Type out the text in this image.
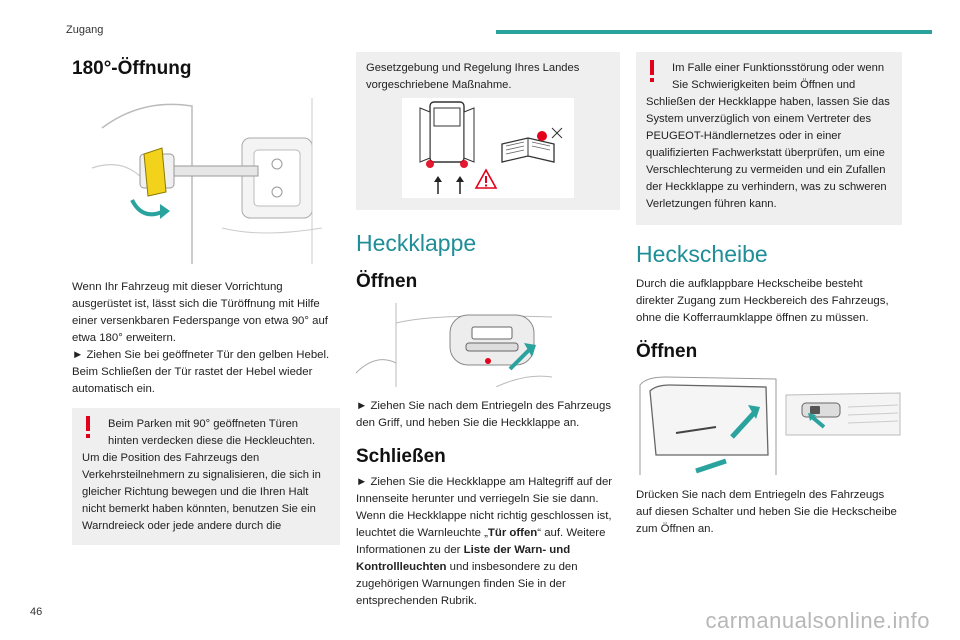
Zugang
180°-Öffnung

Wenn Ihr Fahrzeug mit dieser Vorrichtung ausgerüstet ist, lässt sich die Türöffnung mit Hilfe einer versenkbaren Federspange von etwa 90° auf etwa 180° erweitern.

► Ziehen Sie bei geöffneter Tür den gelben Hebel. Beim Schließen der Tür rastet der Hebel wieder automatisch ein.

Beim Parken mit 90° geöffneten Türen hinten verdecken diese die Heckleuchten.

Um die Position des Fahrzeugs den Verkehrsteilnehmern zu signalisieren, die sich in gleicher Richtung bewegen und die Ihren Halt nicht bemerkt haben könnten, benutzen Sie ein Warndreieck oder jede andere durch die

Gesetzgebung und Regelung Ihres Landes vorgeschriebene Maßnahme.

Heckklappe
Öffnen

► Ziehen Sie nach dem Entriegeln des Fahrzeugs den Griff, und heben Sie die Heckklappe an.

Schließen

► Ziehen Sie die Heckklappe am Haltegriff auf der Innenseite herunter und verriegeln Sie sie dann. Wenn die Heckklappe nicht richtig geschlossen ist, leuchtet die Warnleuchte „Tür offen“ auf. Weitere Informationen zu der Liste der Warn- und Kontrollleuchten und insbesondere zu den zugehörigen Warnungen finden Sie in der entsprechenden Rubrik.

Im Falle einer Funktionsstörung oder wenn Sie Schwierigkeiten beim Öffnen und

Schließen der Heckklappe haben, lassen Sie das System unverzüglich von einem Vertreter des PEUGEOT-Händlernetzes oder in einer qualifizierten Fachwerkstatt überprüfen, um eine Verschlechterung zu vermeiden und ein Zufallen der Heckklappe zu verhindern, was zu schweren Verletzungen führen kann.

Heckscheibe

Durch die aufklappbare Heckscheibe besteht direkter Zugang zum Heckbereich des Fahrzeugs, ohne die Kofferraumklappe öffnen zu müssen.

Öffnen

Drücken Sie nach dem Entriegeln des Fahrzeugs auf diesen Schalter und heben Sie die Heckscheibe zum Öffnen an.

46	carmanualsonline.info
